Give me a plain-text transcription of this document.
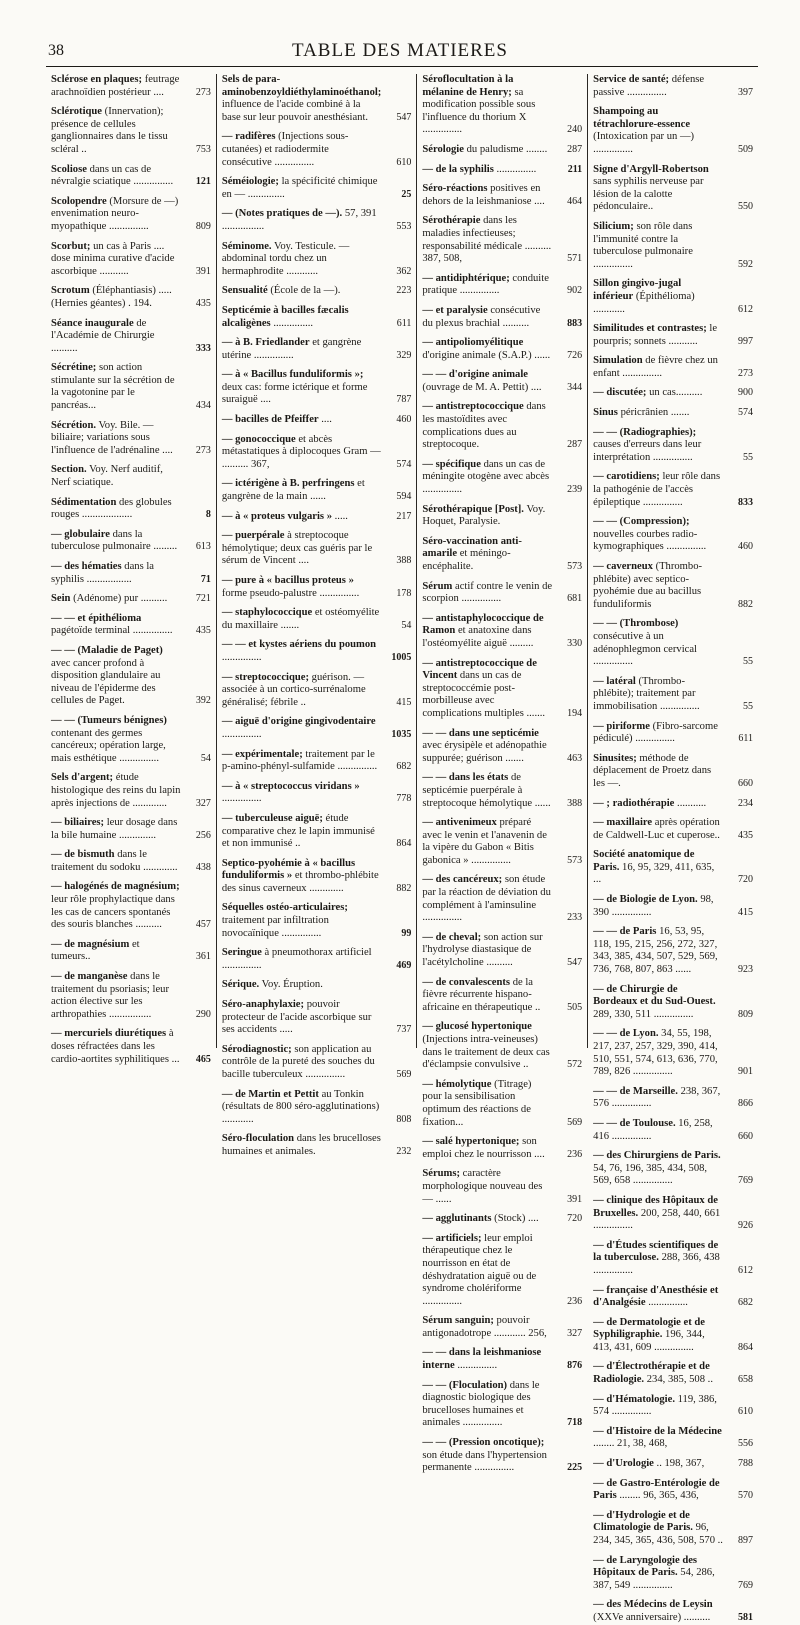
38	TABLE DES MATIERES
Sclérose en plaques; feutrage arachnoïdien postérieur ....	273
Sclérotique (Innervation); présence de cellules ganglionnaires dans le tissu scléral ..	753
Scoliose dans un cas de névralgie sciatique ...............	121
Scolopendre (Morsure de —) envenimation neuro-myopathique ...............	809
Scorbut; un cas à Paris .... dose minima curative d'acide ascorbique ...........	391
Scrotum (Éléphantiasis) ..... (Hernies géantes) . 194.	435
Séance inaugurale de l'Académie de Chirurgie ..........	333
Sécrétine; son action stimulante sur la sécrétion de la vagotonine par le pancréas...	434
Sécrétion. Voy. Bile. — biliaire; variations sous l'influence de l'adrénaline ....	273
Section. Voy. Nerf auditif, Nerf sciatique.
Sédimentation des globules rouges ...................	8
— globulaire dans la tuberculose pulmonaire .........	613
— des hématies dans la syphilis .................	71
Sein (Adénome) pur ..........	721
— — et épithélioma pagétoïde terminal ...............	435
— — (Maladie de Paget) avec cancer profond à disposition glandulaire au niveau de l'épiderme des cellules de Paget.	392
— — (Tumeurs bénignes) contenant des germes cancéreux; opération large, mais esthétique ...............	54
Sels d'argent; étude histologique des reins du lapin après injections de .............	327
— biliaires; leur dosage dans la bile humaine ..............	256
— de bismuth dans le traitement du sodoku .............	438
— halogénés de magnésium; leur rôle prophylactique dans les cas de cancers spontanés des souris blanches ..........	457
— de magnésium et tumeurs..	361
— de manganèse dans le traitement du psoriasis; leur action élective sur les arthropathies ................	290
— mercuriels diurétiques à doses réfractées dans les cardio-aortites syphilitiques ...	465
Sels de para-aminobenzoyldiéthylaminoéthanol; influence de l'acide combiné à la base sur leur pouvoir anesthésiant.	547
— radifères (Injections sous-cutanées) et radiodermite consécutive ...............	610
Séméiologie; la spécificité chimique en — ..............	25
— (Notes pratiques de —). 57, 391 ................	553
Séminome. Voy. Testicule. — abdominal tordu chez un hermaphrodite ............	362
Sensualité (École de la —).	223
Septicémie à bacilles fæcalis alcaligènes ...............	611
— à B. Friedlander et gangrène utérine ...............	329
— à « Bacillus funduliformis »; deux cas: forme ictérique et forme suraiguë ....	787
— bacilles de Pfeiffer ....	460
— gonococcique et abcès métastatiques à diplocoques Gram — .......... 367,	574
— ictérigène à B. perfringens et gangrène de la main ......	594
— à « proteus vulgaris » .....	217
— puerpérale à streptocoque hémolytique; deux cas guéris par le sérum de Vincent ....	388
— pure à « bacillus proteus » forme pseudo-palustre ...............	178
— staphylococcique et ostéomyélite du maxillaire .......	54
— — et kystes aériens du poumon ...............	1005
— streptococcique; guérison. — associée à un cortico-surrénalome généralisé; fébrile ..	415
— aiguë d'origine gingivodentaire ...............	1035
— expérimentale; traitement par le p-amino-phényl-sulfamide ...............	682
— à « streptococcus viridans » ...............	778
— tuberculeuse aiguë; étude comparative chez le lapin immunisé et non immunisé ..	864
Septico-pyohémie à « bacillus funduliformis » et thrombo-phlébite des sinus caverneux .............	882
Séquelles ostéo-articulaires; traitement par infiltration novocaïnique ...............	99
Seringue à pneumothorax artificiel ...............	469
Sérique. Voy. Éruption.
Séro-anaphylaxie; pouvoir protecteur de l'acide ascorbique sur ses accidents .....	737
Sérodiagnostic; son application au contrôle de la pureté des souches du bacille tuberculeux ...............	569
— de Martin et Pettit au Tonkin (résultats de 800 séro-agglutinations) ............	808
Séro-floculation dans les brucelloses humaines et animales.	232
Séroflocultation à la mélanine de Henry; sa modification possible sous l'influence du thorium X ...............	240
Sérologie du paludisme ........	287
— de la syphilis ...............	211
Séro-réactions positives en dehors de la leishmaniose ....	464
Sérothérapie dans les maladies infectieuses; responsabilité médicale .......... 387, 508,	571
— antidiphtérique; conduite pratique ...............	902
— et paralysie consécutive du plexus brachial ..........	883
— antipoliomyélitique d'origine animale (S.A.P.) ......	726
— — d'origine animale (ouvrage de M. A. Pettit) ....	344
— antistreptococcique dans les mastoïdites avec complications dues au streptocoque.	287
— spécifique dans un cas de méningite otogène avec abcès ...............	239
Sérothérapique [Post]. Voy. Hoquet, Paralysie.
Séro-vaccination anti-amarile et méningo-encéphalite.	573
Sérum actif contre le venin de scorpion ...............	681
— antistaphylococcique de Ramon et anatoxine dans l'ostéomyélite aiguë .........	330
— antistreptococcique de Vincent dans un cas de streptococcémie post-morbilleuse avec complications multiples .......	194
— — dans une septicémie avec érysipèle et adénopathie suppurée; guérison .......	463
— — dans les états de septicémie puerpérale à streptocoque hémolytique ......	388
— antivenimeux préparé avec le venin et l'anavenin de la vipère du Gabon « Bitis gabonica » ...............	573
— des cancéreux; son étude par la réaction de déviation du complément à l'aminsuline ...............	233
— de cheval; son action sur l'hydrolyse diastasique de l'acétylcholine ..........	547
— de convalescents de la fièvre récurrente hispano-africaine en thérapeutique ..	505
— glucosé hypertonique (Injections intra-veineuses) dans le traitement de deux cas d'éclampsie convulsive ..	572
— hémolytique (Titrage) pour la sensibilisation optimum des réactions de fixation...	569
— salé hypertonique; son emploi chez le nourrisson ....	236
Sérums; caractère morphologique nouveau des — ......	391
— agglutinants (Stock) ....	720
— artificiels; leur emploi thérapeutique chez le nourrisson en état de déshydratation aiguë ou de syndrome cholériforme ...............	236
Sérum sanguin; pouvoir antigonadotrope ............ 256,	327
— — dans la leishmaniose interne ...............	876
— — (Floculation) dans le diagnostic biologique des brucelloses humaines et animales ...............	718
— — (Pression oncotique); son étude dans l'hypertension permanente ...............	225
Service de santé; défense passive ...............	397
Shampoing au tétrachlorure-essence (Intoxication par un —) ...............	509
Signe d'Argyll-Robertson sans syphilis nerveuse par lésion de la calotte pédonculaire..	550
Silicium; son rôle dans l'immunité contre la tuberculose pulmonaire ...............	592
Sillon gingivo-jugal inférieur (Épithélioma) ............	612
Similitudes et contrastes; le pourpris; sonnets ...........	997
Simulation de fièvre chez un enfant ...............	273
— discutée; un cas..........	900
Sinus péricrânien .......	574
— — (Radiographies); causes d'erreurs dans leur interprétation ...............	55
— carotidiens; leur rôle dans la pathogénie de l'accès épileptique ...............	833
— — (Compression); nouvelles courbes radio-kymographiques ...............	460
— caverneux (Thrombo-phlébite) avec septico-pyohémie due au bacillus funduliformis	882
— — (Thrombose) consécutive à un adénophlegmon cervical ...............	55
— latéral (Thrombo-phlébite); traitement par immobilisation ...............	55
— piriforme (Fibro-sarcome pédiculé) ...............	611
Sinusites; méthode de déplacement de Proetz dans les —.	660
— ; radiothérapie ...........	234
— maxillaire après opération de Caldwell-Luc et cuperose..	435
Société anatomique de Paris. 16, 95, 329, 411, 635, ...	720
— de Biologie de Lyon. 98, 390 ...............	415
— — de Paris 16, 53, 95, 118, 195, 215, 256, 272, 327, 343, 385, 434, 507, 529, 569, 736, 768, 807, 863 ......	923
— de Chirurgie de Bordeaux et du Sud-Ouest. 289, 330, 511 ...............	809
— — de Lyon. 34, 55, 198, 217, 237, 257, 329, 390, 414, 510, 551, 574, 613, 636, 770, 789, 826 ...............	901
— — de Marseille. 238, 367, 576 ...............	866
— — de Toulouse. 16, 258, 416 ...............	660
— des Chirurgiens de Paris. 54, 76, 196, 385, 434, 508, 569, 658 ...............	769
— clinique des Hôpitaux de Bruxelles. 200, 258, 440, 661 ...............	926
— d'Études scientifiques de la tuberculose. 288, 366, 438 ...............	612
— française d'Anesthésie et d'Analgésie ...............	682
— de Dermatologie et de Syphiligraphie. 196, 344, 413, 431, 609 ...............	864
— d'Électrothérapie et de Radiologie. 234, 385, 508 ..	658
— d'Hématologie. 119, 386, 574 ...............	610
— d'Histoire de la Médecine ........ 21, 38, 468,	556
— d'Urologie .. 198, 367,	788
— de Gastro-Entérologie de Paris ........ 96, 365, 436,	570
— d'Hydrologie et de Climatologie de Paris. 96, 234, 345, 365, 436, 508, 570 ..	897
— de Laryngologie des Hôpitaux de Paris. 54, 286, 387, 549 ...............	769
— des Médecins de Leysin (XXVe anniversaire) ..........	581
